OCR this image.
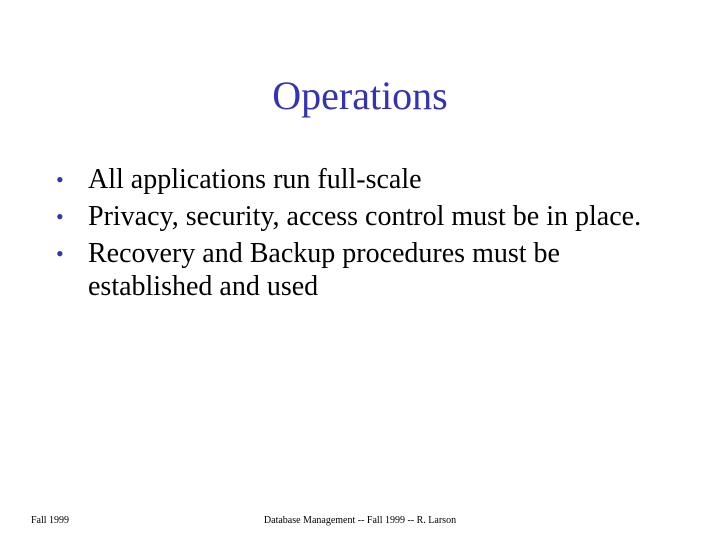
Operations
• All applications run full-scale
• Privacy, security, access control must be in place.
• Recovery and Backup procedures must be established and used
Fall 1999	Database Management -- Fall 1999 -- R. Larson
